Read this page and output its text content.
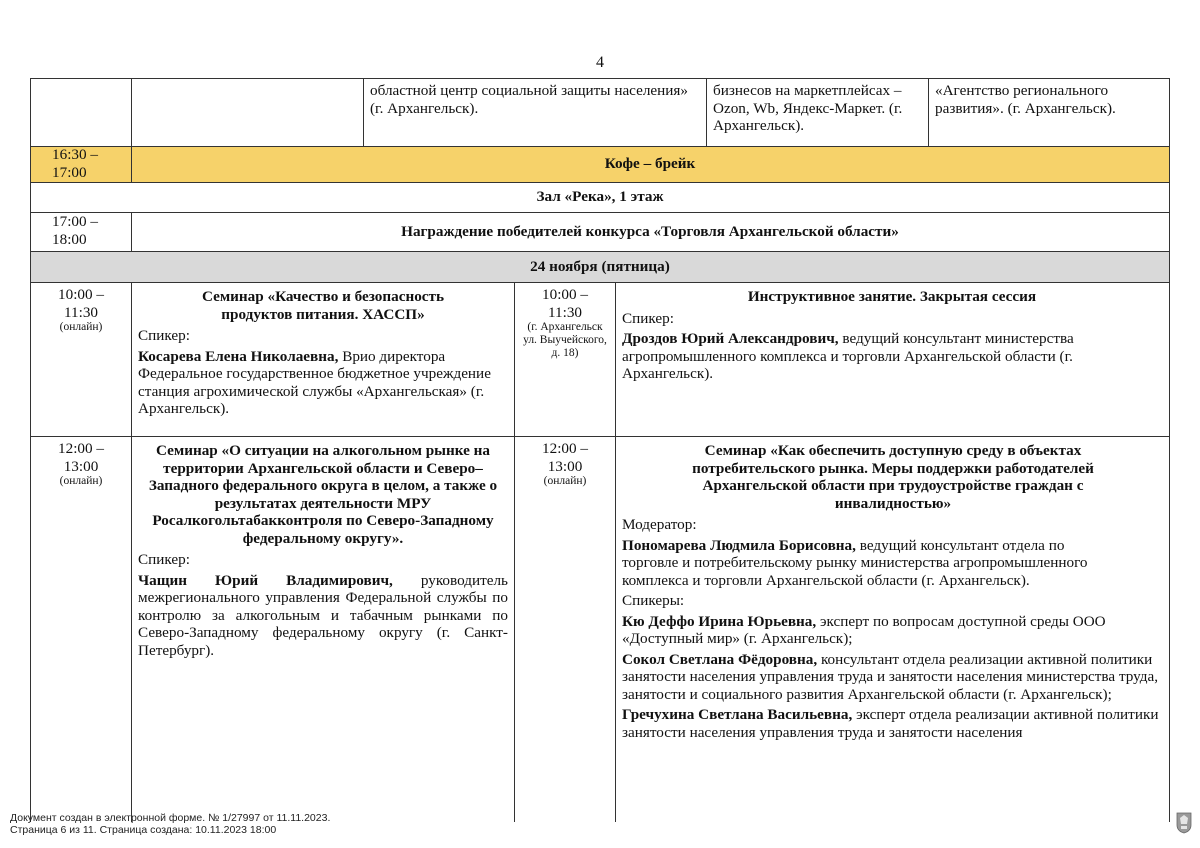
4
областной центр социальной защиты населения» (г. Архангельск).
бизнесов на маркетплейсах – Ozon, Wb, Яндекс-Маркет. (г. Архангельск).
«Агентство регионального развития». (г. Архангельск).
16:30 – 17:00	Кофе – брейк
Зал «Река», 1 этаж
17:00 – 18:00	Награждение победителей конкурса «Торговля Архангельской области»
24 ноября (пятница)
10:00 – 11:30
(онлайн)
Семинар «Качество и безопасность продуктов питания. ХАССП»
Спикер:
Косарева Елена Николаевна, Врио директора Федеральное государственное бюджетное учреждение станция агрохимической службы «Архангельская» (г. Архангельск).
10:00 – 11:30
(г. Архангельск ул. Выучейского, д. 18)
Инструктивное занятие. Закрытая сессия
Спикер:
Дроздов Юрий Александрович, ведущий консультант министерства агропромышленного комплекса и торговли Архангельской области (г. Архангельск).
12:00 – 13:00
(онлайн)
Семинар «О ситуации на алкогольном рынке на территории Архангельской области и Северо–Западного федерального округа в целом, а также о результатах деятельности МРУ Росалкогольтабакконтроля по Северо-Западному федеральному округу».
Спикер:
Чащин Юрий Владимирович, руководитель межрегионального управления Федеральной службы по контролю за алкогольным и табачным рынками по Северо-Западному федеральному округу (г. Санкт-Петербург).
12:00 – 13:00
(онлайн)
Семинар «Как обеспечить доступную среду в объектах потребительского рынка. Меры поддержки работодателей Архангельской области при трудоустройстве граждан с инвалидностью»
Модератор:
Пономарева Людмила Борисовна, ведущий консультант отдела по торговле и потребительскому рынку министерства агропромышленного комплекса и торговли Архангельской области (г. Архангельск).
Спикеры:
Кю Деффо Ирина Юрьевна, эксперт по вопросам доступной среды ООО «Доступный мир» (г. Архангельск);
Сокол Светлана Фёдоровна, консультант отдела реализации активной политики занятости населения управления труда и занятости населения министерства труда, занятости и социального развития Архангельской области (г. Архангельск);
Гречухина Светлана Васильевна, эксперт отдела реализации активной политики занятости населения управления труда и занятости населения
Документ создан в электронной форме. № 1/27997 от 11.11.2023.
Страница 6 из 11. Страница создана: 10.11.2023 18:00
